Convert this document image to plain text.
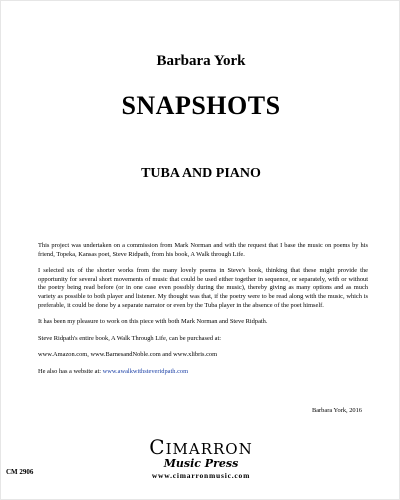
Barbara York
SNAPSHOTS
TUBA AND PIANO

This project was undertaken on a commission from Mark Norman and with the request that I base the music on poems by his friend, Topeka, Kansas poet, Steve Ridpath, from his book, A Walk through Life.

I selected six of the shorter works from the many lovely poems in Steve's book, thinking that these might provide the opportunity for several short movements of music that could be used either together in sequence, or separately, with or without the poetry being read before (or in one case even possibly during the music), thereby giving as many options and as much variety as possible to both player and listener. My thought was that, if the poetry were to be read along with the music, which is preferable, it could be done by a separate narrator or even by the Tuba player in the absence of the poet himself.

It has been my pleasure to work on this piece with both Mark Norman and Steve Ridpath.

Steve Ridpath's entire book, A Walk Through Life, can be purchased at:

www.Amazon.com, www.BarnesandNoble.com and www.xlibris.com

He also has a website at: www.awalkwithsteveridpath.com

Barbara York, 2016
CIMARRON
Music Press
www.cimarronmusic.com
CM 2906
